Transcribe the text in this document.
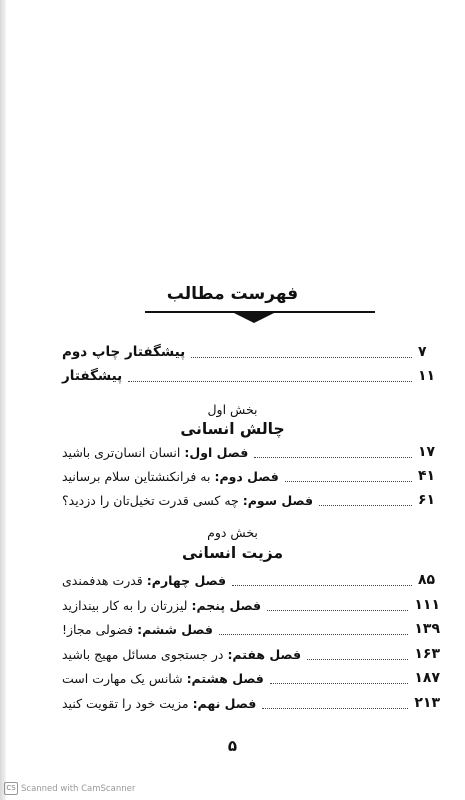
فهرست مطالب
پیشگفتار چاپ دوم	۷
پیشگفتار	۱۱
بخش اول
چالش انسانی
فصل اول: انسان انسان‌تری باشید	۱۷
فصل دوم: به فرانکنشتاین سلام برسانید	۴۱
فصل سوم: چه کسی قدرت تخیل‌تان را دزدید؟	۶۱
بخش دوم
مزیت انسانی
فصل چهارم: قدرت هدفمندی	۸۵
فصل پنجم: لیزرتان را به کار بیندازید	۱۱۱
فصل ششم: فضولی مجاز!	۱۳۹
فصل هفتم: در جستجوی مسائل مهیج باشید	۱۶۳
فصل هشتم: شانس یک مهارت است	۱۸۷
فصل نهم: مزیت خود را تقویت کنید	۲۱۳
۵
CS Scanned with CamScanner
